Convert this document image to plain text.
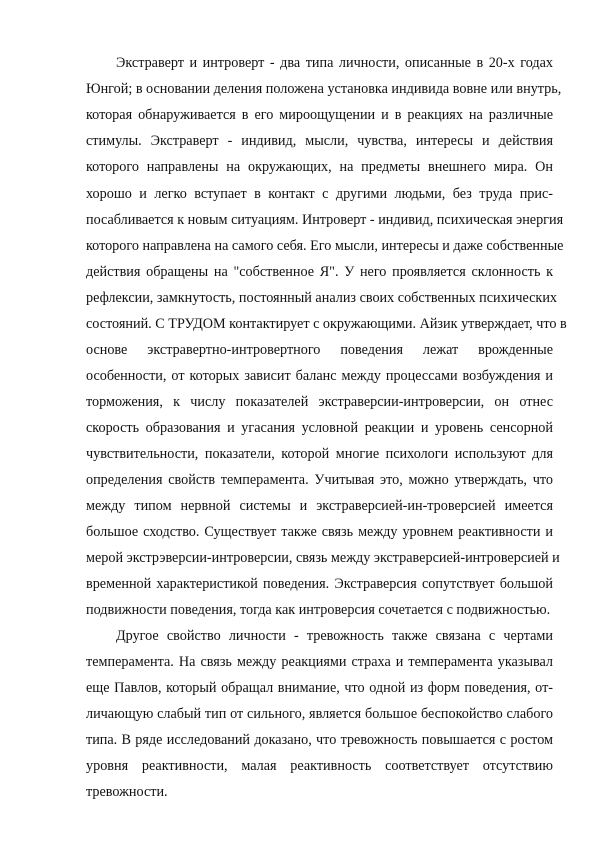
Экстраверт и интроверт - два типа личности, описанные в 20-х годах

Юнгой; в основании деления положена установка индивида вовне или внутрь,

которая обнаруживается в его мироощущении и в реакциях на различные

стимулы. Экстраверт - индивид, мысли, чувства, интересы и действия

которого направлены на окружающих, на предметы внешнего мира. Он

хорошо и легко вступает в контакт с другими людьми, без труда прис-

посабливается к новым ситуациям. Интроверт - индивид, психическая энергия

которого направлена на самого себя. Его мысли, интересы и даже собственные

действия обращены на "собственное Я". У него проявляется склонность к

рефлексии, замкнутость, постоянный анализ своих собственных психических

состояний. С ТРУДОМ контактирует с окружающими. Айзик утверждает, что в

основе экстравертно-интровертного поведения лежат врожденные

особенности, от которых зависит баланс между процессами возбуждения и

торможения, к числу показателей экстраверсии-интроверсии, он отнес

скорость образования и угасания условной реакции и уровень сенсорной

чувствительности, показатели, которой многие психологи используют для

определения свойств темперамента. Учитывая это, можно утверждать, что

между типом нервной системы и экстраверсией-ин-троверсией имеется

большое сходство. Существует также связь между уровнем реактивности и

мерой экстрэверсии-интроверсии, связь между экстраверсией-интроверсией и

временной характеристикой поведения. Экстраверсия сопутствует большой

подвижности поведения, тогда как интроверсия сочетается с подвижностью.

Другое свойство личности - тревожность также связана с чертами

темперамента. На связь между реакциями страха и темперамента указывал

еще Павлов, который обращал внимание, что одной из форм поведения, от-

личающую слабый тип от сильного, является большое беспокойство слабого

типа. В ряде исследований доказано, что тревожность повышается с ростом

уровня реактивности, малая реактивность соответствует отсутствию

тревожности.
